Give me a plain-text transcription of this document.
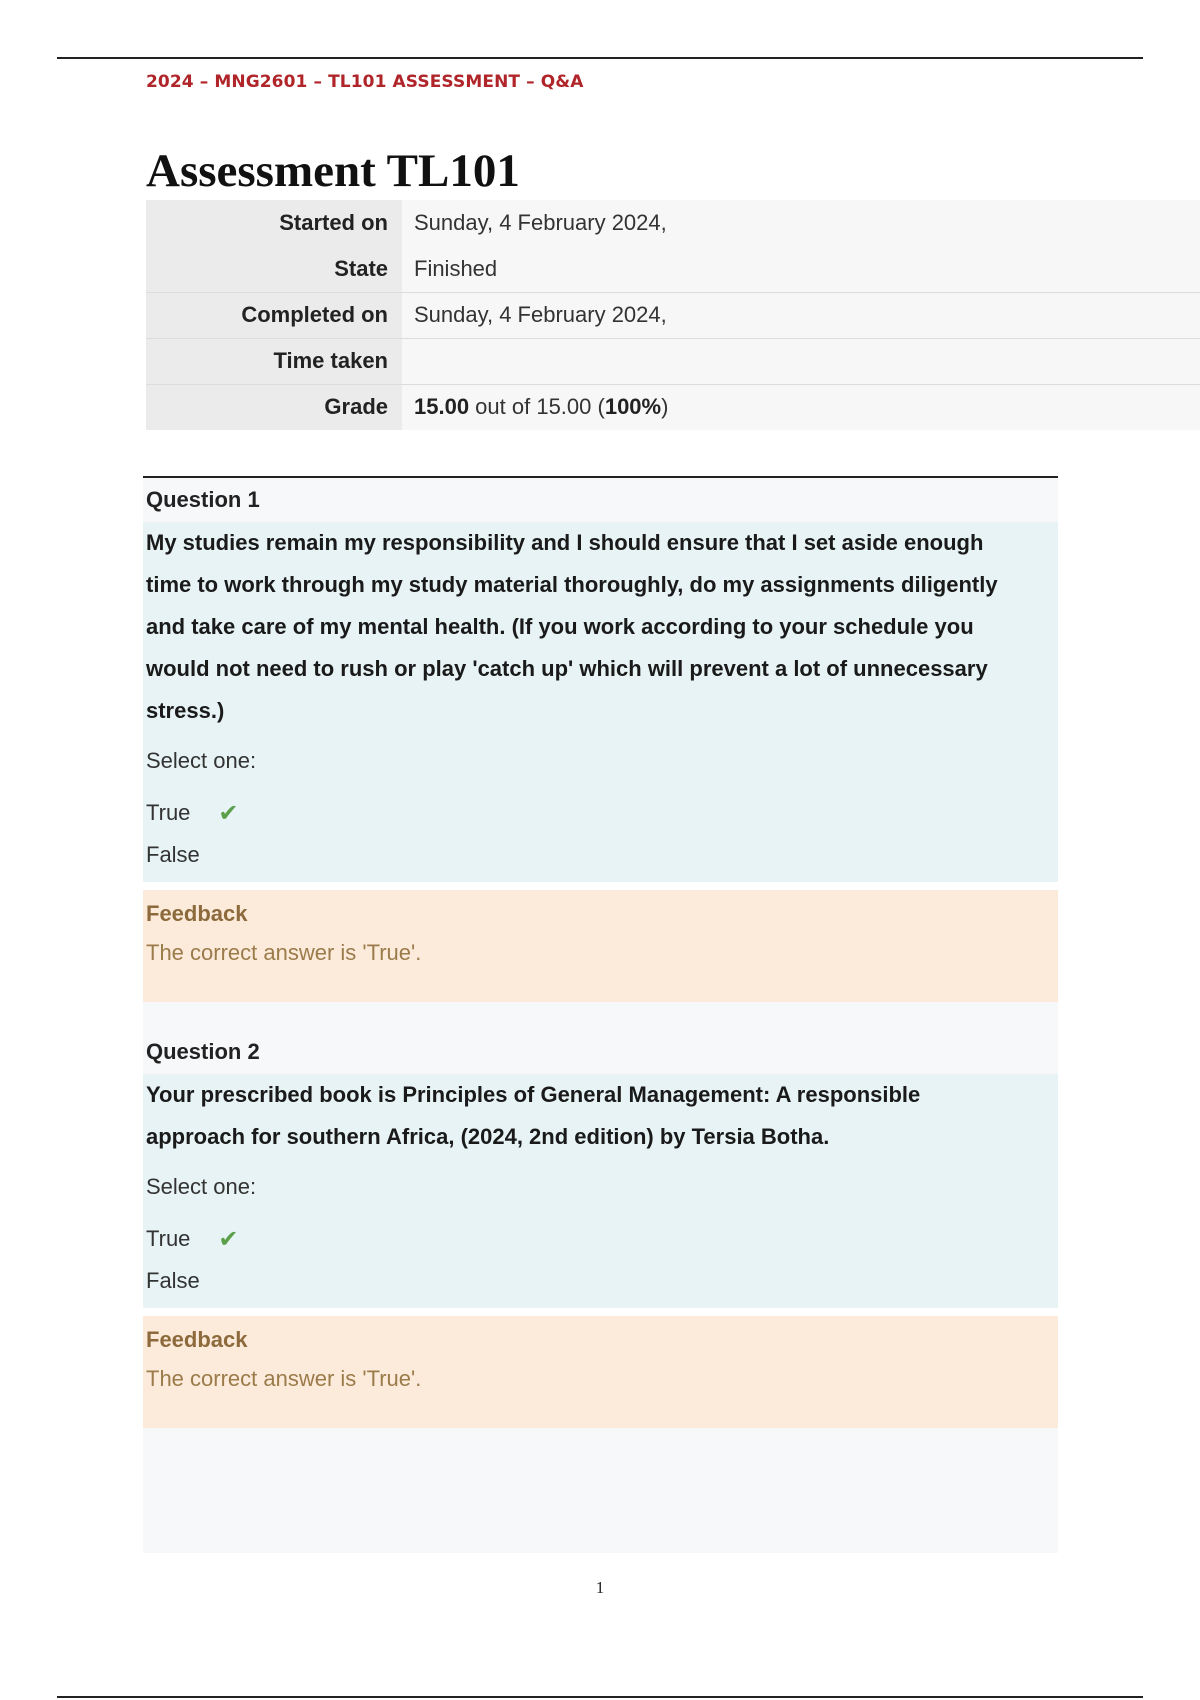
2024 – MNG2601 – TL101 ASSESSMENT – Q&A
Assessment TL101
Started on	Sunday, 4 February 2024,
State	Finished
Completed on	Sunday, 4 February 2024,
Time taken	
Grade	15.00 out of 15.00 (100%)
Question 1

My studies remain my responsibility and I should ensure that I set aside enough time to work through my study material thoroughly, do my assignments diligently and take care of my mental health. (If you work according to your schedule you would not need to rush or play 'catch up' which will prevent a lot of unnecessary stress.)

Select one:
True ✔
False
Feedback
The correct answer is 'True'.
Question 2

Your prescribed book is Principles of General Management: A responsible approach for southern Africa, (2024, 2nd edition) by Tersia Botha.

Select one:
True ✔
False
Feedback
The correct answer is 'True'.
1
